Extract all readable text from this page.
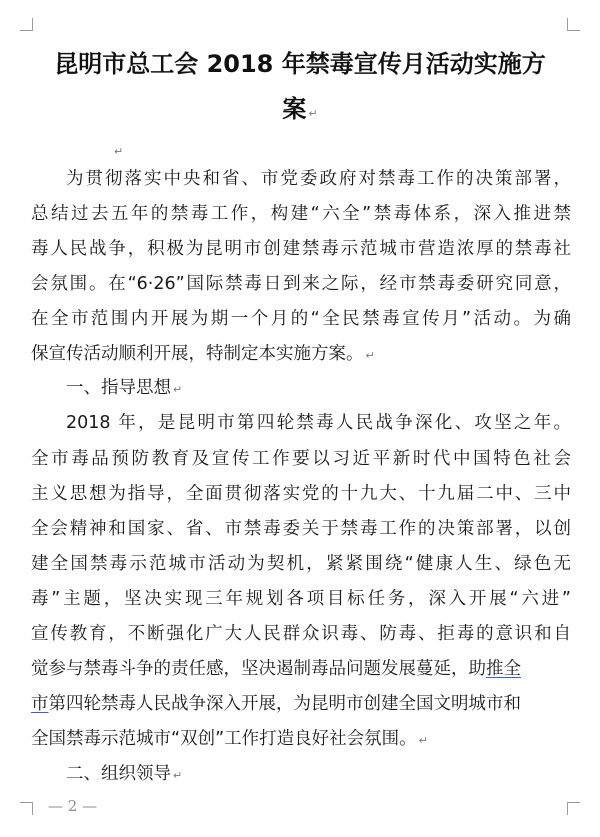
昆明市总工会 2018 年禁毒宣传月活动实施方
案 ↵
↵
为贯彻落实中央和省、市党委政府对禁毒工作的决策部署，
总结过去五年的禁毒工作，构建“六全”禁毒体系，深入推进禁
毒人民战争，积极为昆明市创建禁毒示范城市营造浓厚的禁毒社
会氛围。在“6·26”国际禁毒日到来之际，经市禁毒委研究同意，
在全市范围内开展为期一个月的“全民禁毒宣传月”活动。为确
保宣传活动顺利开展，特制定本实施方案。 ↵
一、指导思想 ↵
2018 年，是昆明市第四轮禁毒人民战争深化、攻坚之年。
全市毒品预防教育及宣传工作要以习近平新时代中国特色社会
主义思想为指导，全面贯彻落实党的十九大、十九届二中、三中
全会精神和国家、省、市禁毒委关于禁毒工作的决策部署，以创
建全国禁毒示范城市活动为契机，紧紧围绕“健康人生、绿色无
毒”主题，坚决实现三年规划各项目标任务，深入开展“六进”
宣传教育，不断强化广大人民群众识毒、防毒、拒毒的意识和自
觉参与禁毒斗争的责任感，坚决遏制毒品问题发展蔓延，助推全
市第四轮禁毒人民战争深入开展，为昆明市创建全国文明城市和
全国禁毒示范城市“双创”工作打造良好社会氛围。 ↵
二、组织领导 ↵
— 2 —
